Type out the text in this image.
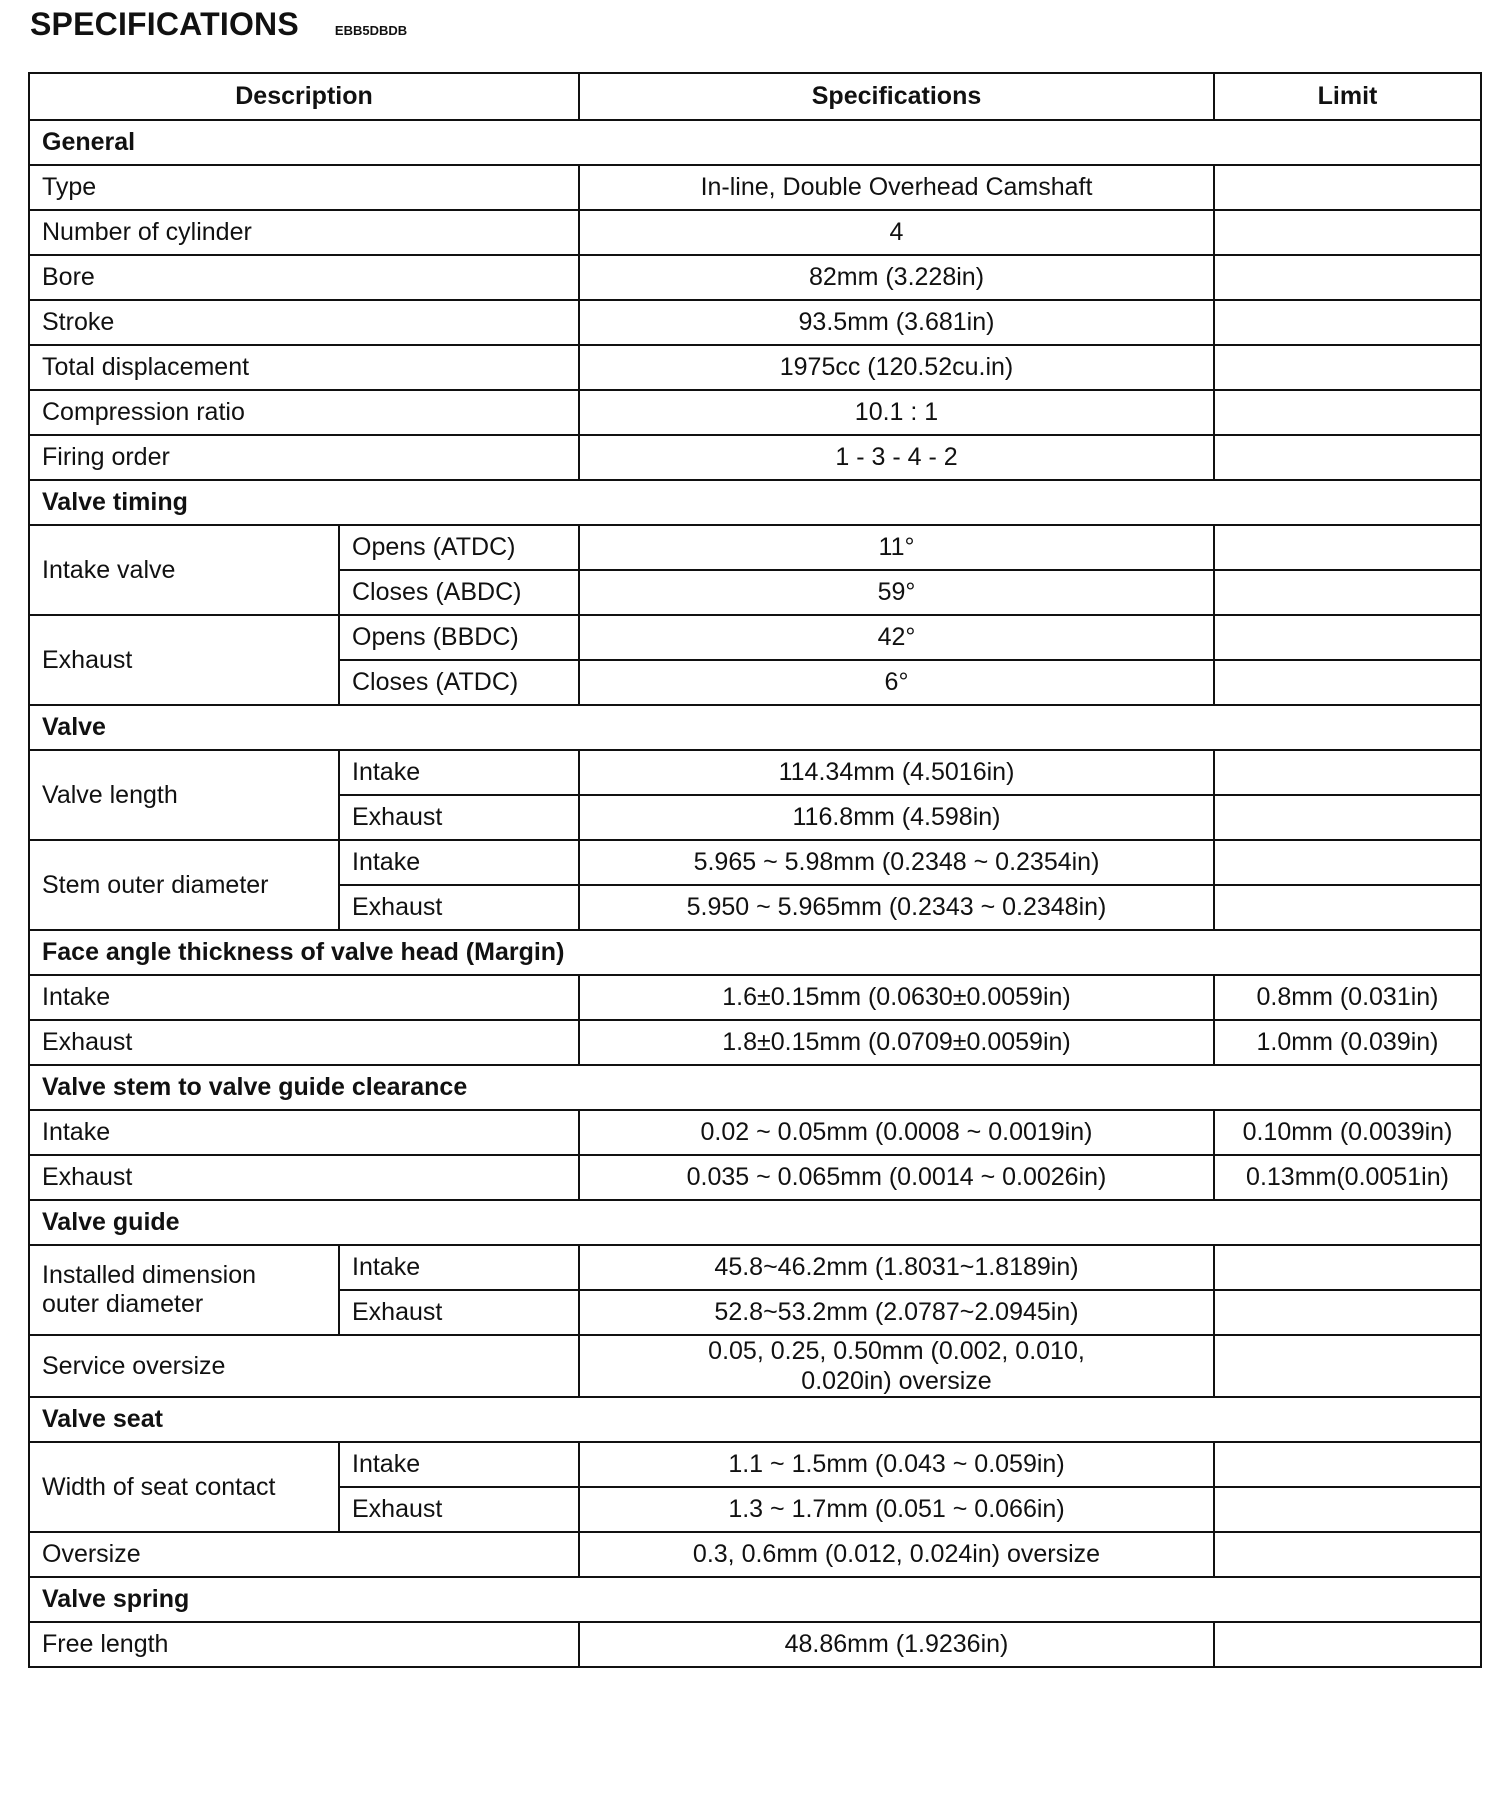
SPECIFICATIONS	EBB5DBDB
Description		Specifications	Limit
General			
Type		In-line, Double Overhead Camshaft	
Number of cylinder		4	
Bore		82mm (3.228in)	
Stroke		93.5mm (3.681in)	
Total displacement		1975cc (120.52cu.in)	
Compression ratio		10.1 : 1	
Firing order		1 - 3 - 4 - 2	
Valve timing			
Intake valve	Opens (ATDC)	11°	
	Closes (ABDC)	59°	
Exhaust	Opens (BBDC)	42°	
	Closes (ATDC)	6°	
Valve			
Valve length	Intake	114.34mm (4.5016in)	
	Exhaust	116.8mm (4.598in)	
Stem outer diameter	Intake	5.965 ~ 5.98mm (0.2348 ~ 0.2354in)	
	Exhaust	5.950 ~ 5.965mm (0.2343 ~ 0.2348in)	
Face angle thickness of valve head (Margin)			
Intake		1.6±0.15mm (0.0630±0.0059in)	0.8mm (0.031in)
Exhaust		1.8±0.15mm (0.0709±0.0059in)	1.0mm (0.039in)
Valve stem to valve guide clearance			
Intake		0.02 ~ 0.05mm (0.0008 ~ 0.0019in)	0.10mm (0.0039in)
Exhaust		0.035 ~ 0.065mm (0.0014 ~ 0.0026in)	0.13mm(0.0051in)
Valve guide			
Installed dimension
outer diameter	Intake	45.8~46.2mm (1.8031~1.8189in)	
	Exhaust	52.8~53.2mm (2.0787~2.0945in)	
Service oversize		0.05, 0.25, 0.50mm (0.002, 0.010,
0.020in) oversize	
Valve seat			
Width of seat contact	Intake	1.1 ~ 1.5mm (0.043 ~ 0.059in)	
	Exhaust	1.3 ~ 1.7mm (0.051 ~ 0.066in)	
Oversize		0.3, 0.6mm (0.012, 0.024in) oversize	
Valve spring			
Free length		48.86mm (1.9236in)	
